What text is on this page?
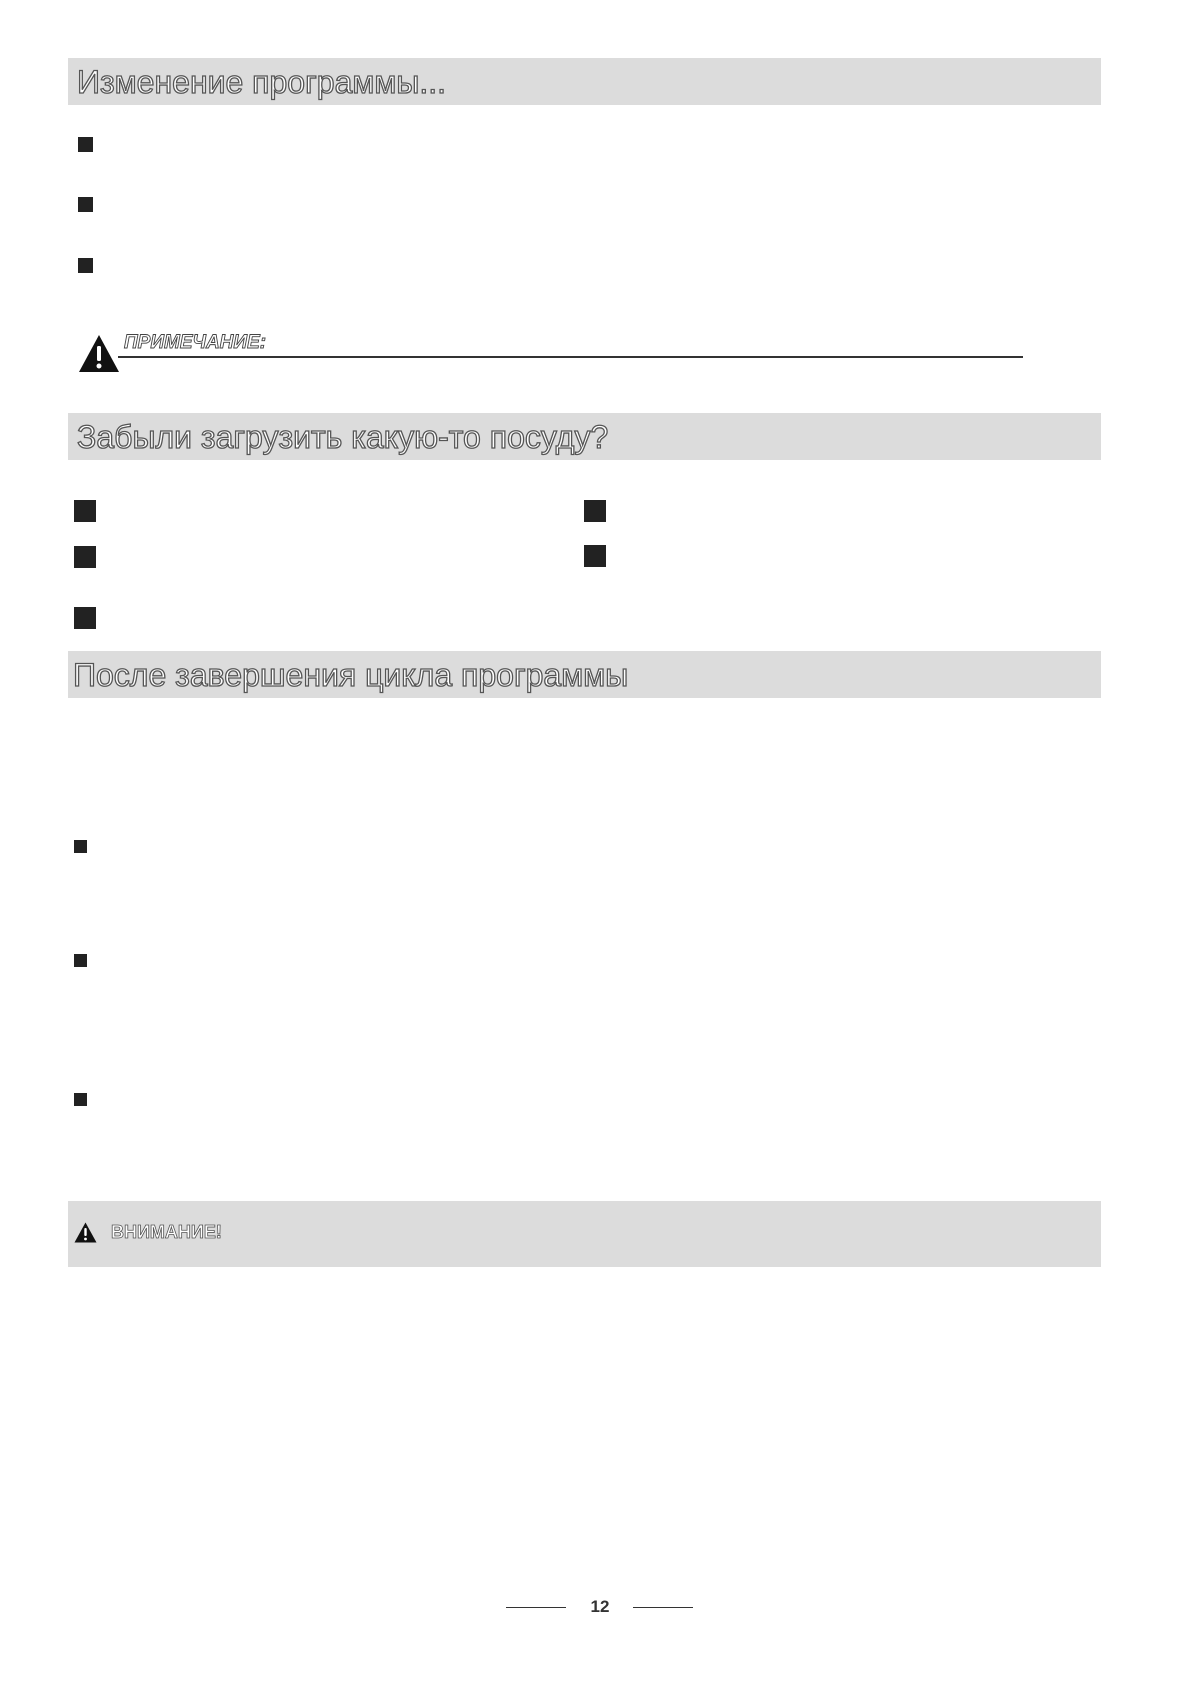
Изменение программы...
ПРИМЕЧАНИЕ:
Забыли загрузить какую-то посуду?
После завершения цикла программы
ВНИМАНИЕ!
12
